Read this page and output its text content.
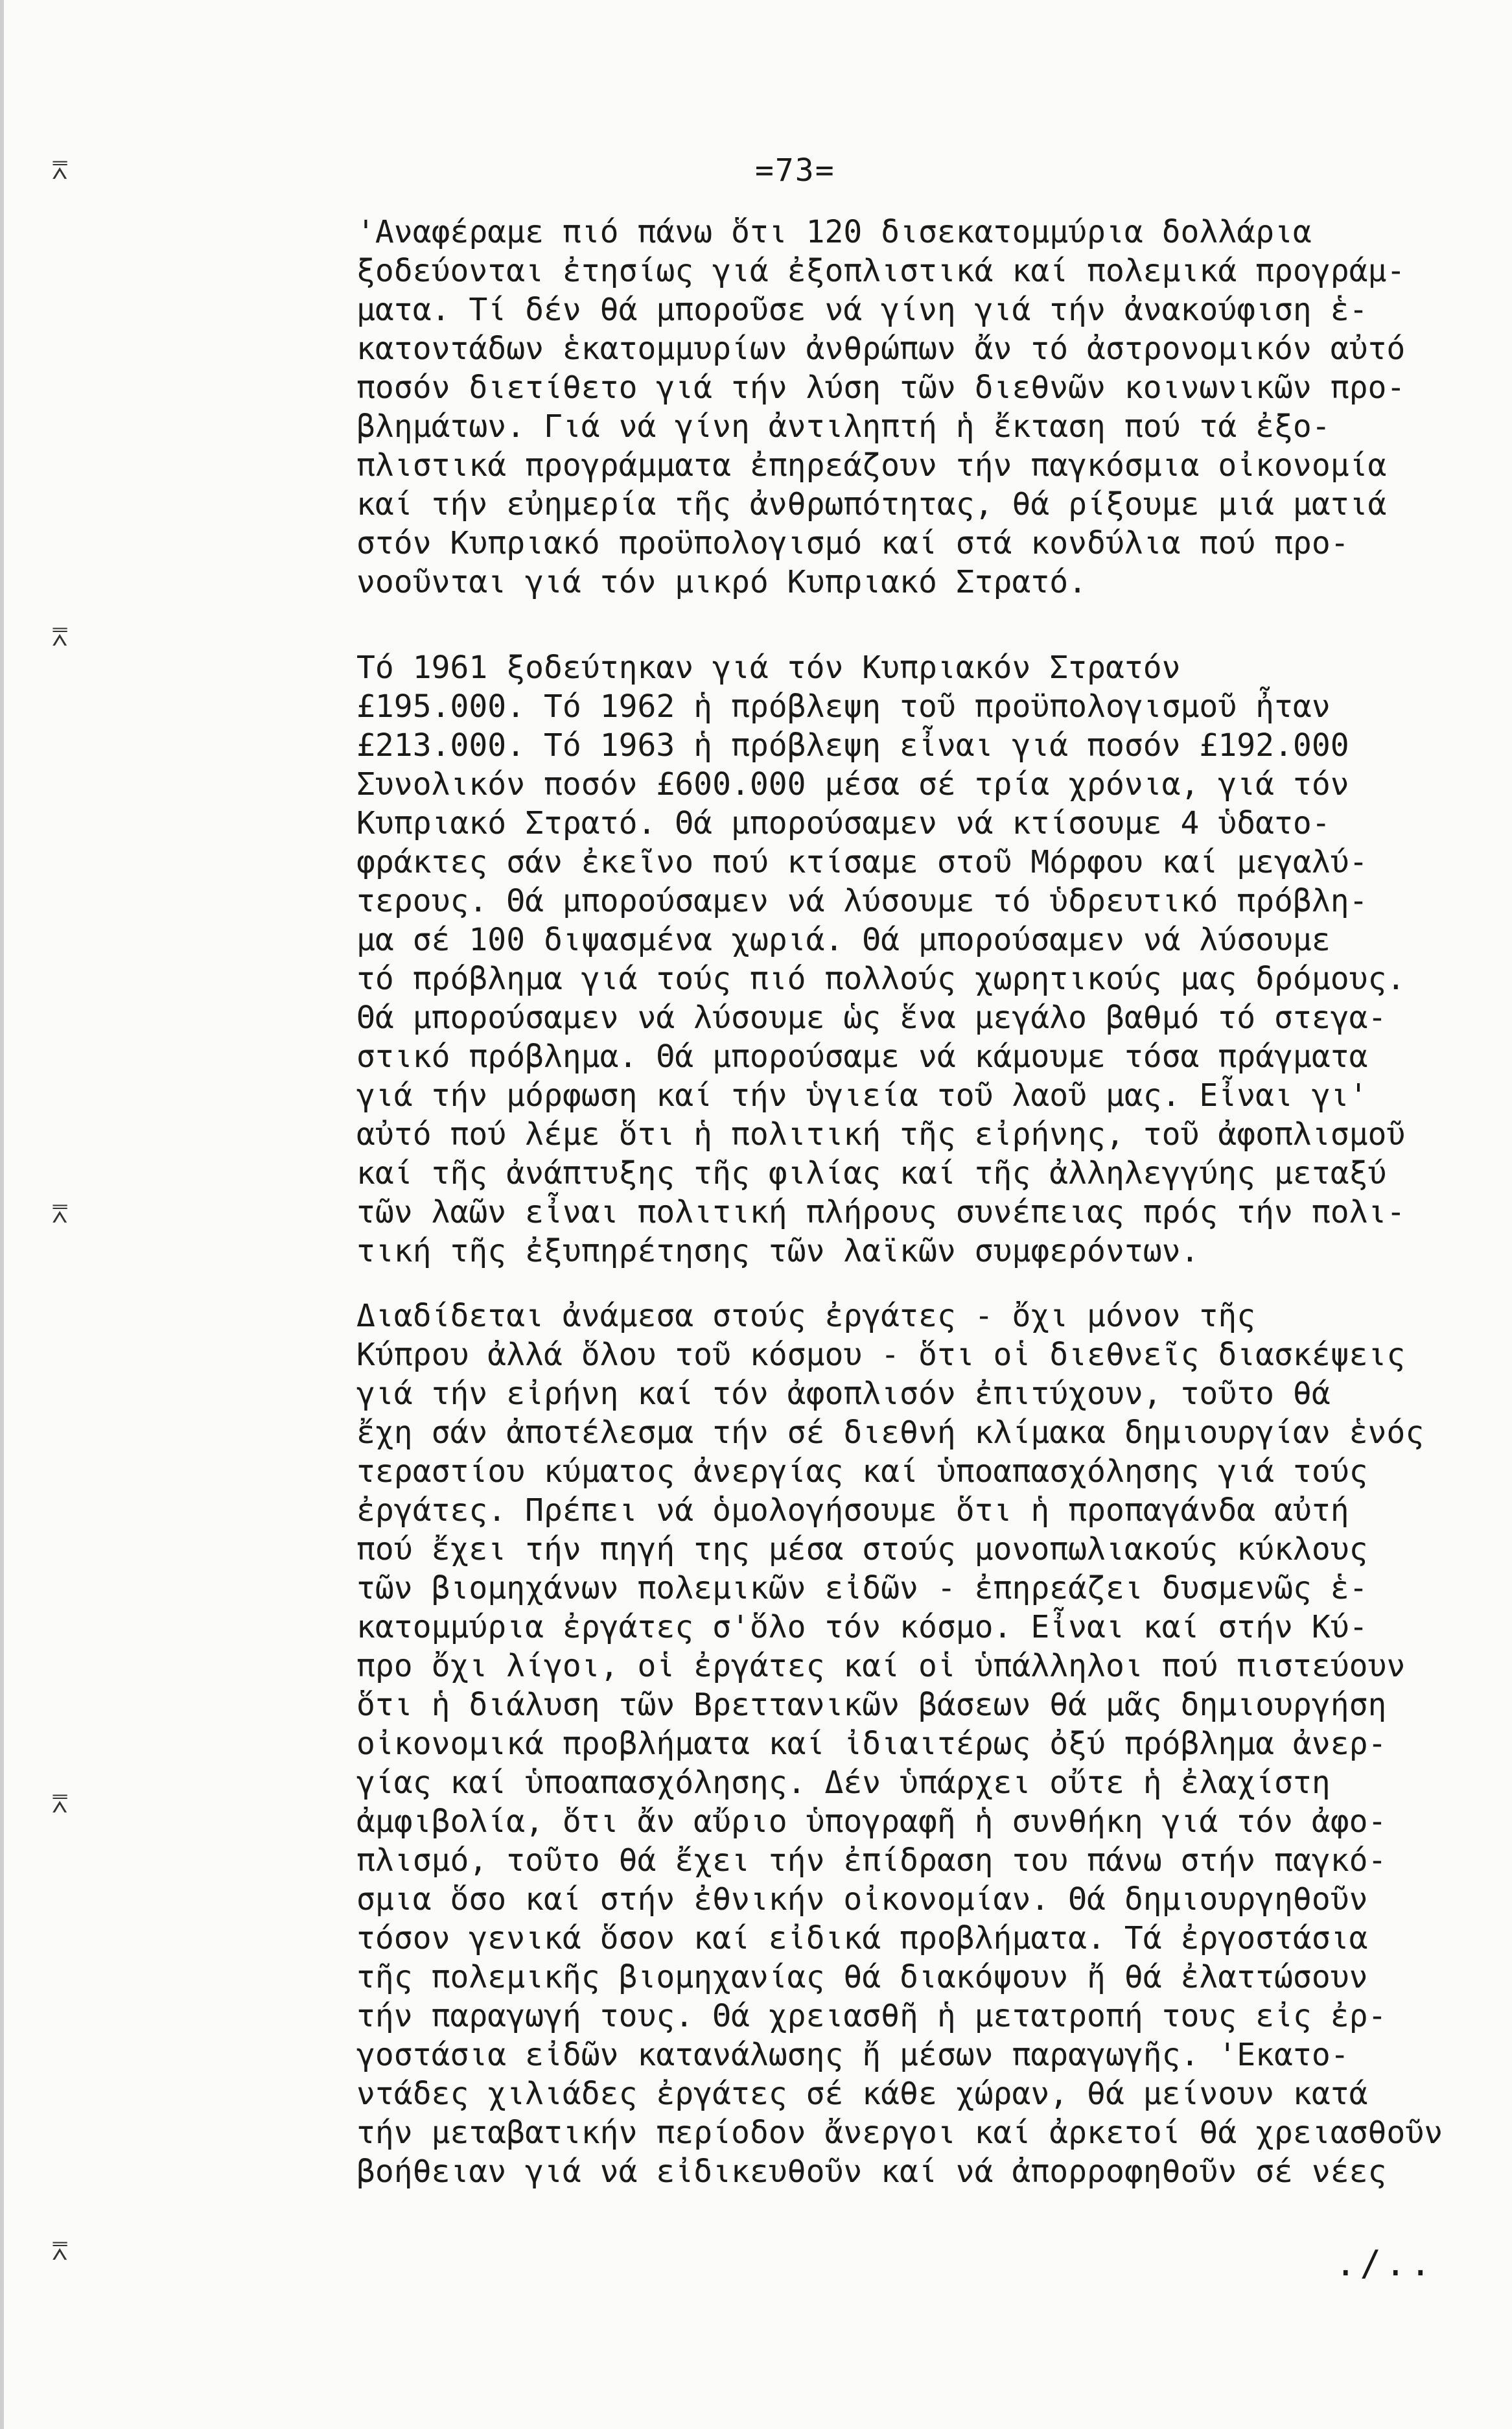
⩞
⩞
⩞
⩞
⩞
=73=
'Αναφέραμε πιό πάνω ὅτι 120 δισεκατομμύρια δολλάρια
ξοδεύονται ἐτησίως γιά ἐξοπλιστικά καί πολεμικά προγράμ-
ματα. Τί δέν θά μποροῦσε νά γίνη γιά τήν ἀνακούφιση ἑ-
κατοντάδων ἑκατομμυρίων ἀνθρώπων ἄν τό ἀστρονομικόν αὐτό
ποσόν διετίθετο γιά τήν λύση τῶν διεθνῶν κοινωνικῶν προ-
βλημάτων. Γιά νά γίνη ἀντιληπτή ἡ ἔκταση πού τά ἐξο-
πλιστικά προγράμματα ἐπηρεάζουν τήν παγκόσμια οἰκονομία
καί τήν εὐημερία τῆς ἀνθρωπότητας, θά ρίξουμε μιά ματιά
στόν Κυπριακό προϋπολογισμό καί στά κονδύλια πού προ-
νοοῦνται γιά τόν μικρό Κυπριακό Στρατό.
Τό 1961 ξοδεύτηκαν γιά τόν Κυπριακόν Στρατόν
£195.000. Τό 1962 ἡ πρόβλεψη τοῦ προϋπολογισμοῦ ἦταν
£213.000. Τό 1963 ἡ πρόβλεψη εἶναι γιά ποσόν £192.000
Συνολικόν ποσόν £600.000 μέσα σέ τρία χρόνια, γιά τόν
Κυπριακό Στρατό. Θά μπορούσαμεν νά κτίσουμε 4 ὑδατο-
φράκτες σάν ἐκεῖνο πού κτίσαμε στοῦ Μόρφου καί μεγαλύ-
τερους. Θά μπορούσαμεν νά λύσουμε τό ὑδρευτικό πρόβλη-
μα σέ 100 διψασμένα χωριά. Θά μπορούσαμεν νά λύσουμε
τό πρόβλημα γιά τούς πιό πολλούς χωρητικούς μας δρόμους.
Θά μπορούσαμεν νά λύσουμε ὡς ἕνα μεγάλο βαθμό τό στεγα-
στικό πρόβλημα. Θά μπορούσαμε νά κάμουμε τόσα πράγματα
γιά τήν μόρφωση καί τήν ὑγιεία τοῦ λαοῦ μας. Εἶναι γι'
αὐτό πού λέμε ὅτι ἡ πολιτική τῆς εἰρήνης, τοῦ ἀφοπλισμοῦ
καί τῆς ἀνάπτυξης τῆς φιλίας καί τῆς ἀλληλεγγύης μεταξύ
τῶν λαῶν εἶναι πολιτική πλήρους συνέπειας πρός τήν πολι-
τική τῆς ἐξυπηρέτησης τῶν λαϊκῶν συμφερόντων.
Διαδίδεται ἀνάμεσα στούς ἐργάτες - ὄχι μόνον τῆς
Κύπρου ἀλλά ὅλου τοῦ κόσμου - ὅτι οἱ διεθνεῖς διασκέψεις
γιά τήν εἰρήνη καί τόν ἀφοπλισόν ἐπιτύχουν, τοῦτο θά
ἔχη σάν ἀποτέλεσμα τήν σέ διεθνή κλίμακα δημιουργίαν ἑνός
τεραστίου κύματος ἀνεργίας καί ὑποαπασχόλησης γιά τούς
ἐργάτες. Πρέπει νά ὁμολογήσουμε ὅτι ἡ προπαγάνδα αὐτή
πού ἔχει τήν πηγή της μέσα στούς μονοπωλιακούς κύκλους
τῶν βιομηχάνων πολεμικῶν εἰδῶν - ἐπηρεάζει δυσμενῶς ἑ-
κατομμύρια ἐργάτες σ'ὅλο τόν κόσμο. Εἶναι καί στήν Κύ-
προ ὄχι λίγοι, οἱ ἐργάτες καί οἱ ὑπάλληλοι πού πιστεύουν
ὅτι ἡ διάλυση τῶν Βρεττανικῶν βάσεων θά μᾶς δημιουργήση
οἰκονομικά προβλήματα καί ἰδιαιτέρως ὀξύ πρόβλημα ἀνερ-
γίας καί ὑποαπασχόλησης. Δέν ὑπάρχει οὔτε ἡ ἐλαχίστη
ἀμφιβολία, ὅτι ἄν αὔριο ὑπογραφῆ ἡ συνθήκη γιά τόν ἀφο-
πλισμό, τοῦτο θά ἔχει τήν ἐπίδραση του πάνω στήν παγκό-
σμια ὅσο καί στήν ἐθνικήν οἰκονομίαν. Θά δημιουργηθοῦν
τόσον γενικά ὅσον καί εἰδικά προβλήματα. Τά ἐργοστάσια
τῆς πολεμικῆς βιομηχανίας θά διακόψουν ἤ θά ἐλαττώσουν
τήν παραγωγή τους. Θά χρειασθῆ ἡ μετατροπή τους εἰς ἐρ-
γοστάσια εἰδῶν κατανάλωσης ἤ μέσων παραγωγῆς. 'Εκατο-
ντάδες χιλιάδες ἐργάτες σέ κάθε χώραν, θά μείνουν κατά
τήν μεταβατικήν περίοδον ἄνεργοι καί ἀρκετοί θά χρειασθοῦν
βοήθειαν γιά νά εἰδικευθοῦν καί νά ἀπορροφηθοῦν σέ νέες
./..
